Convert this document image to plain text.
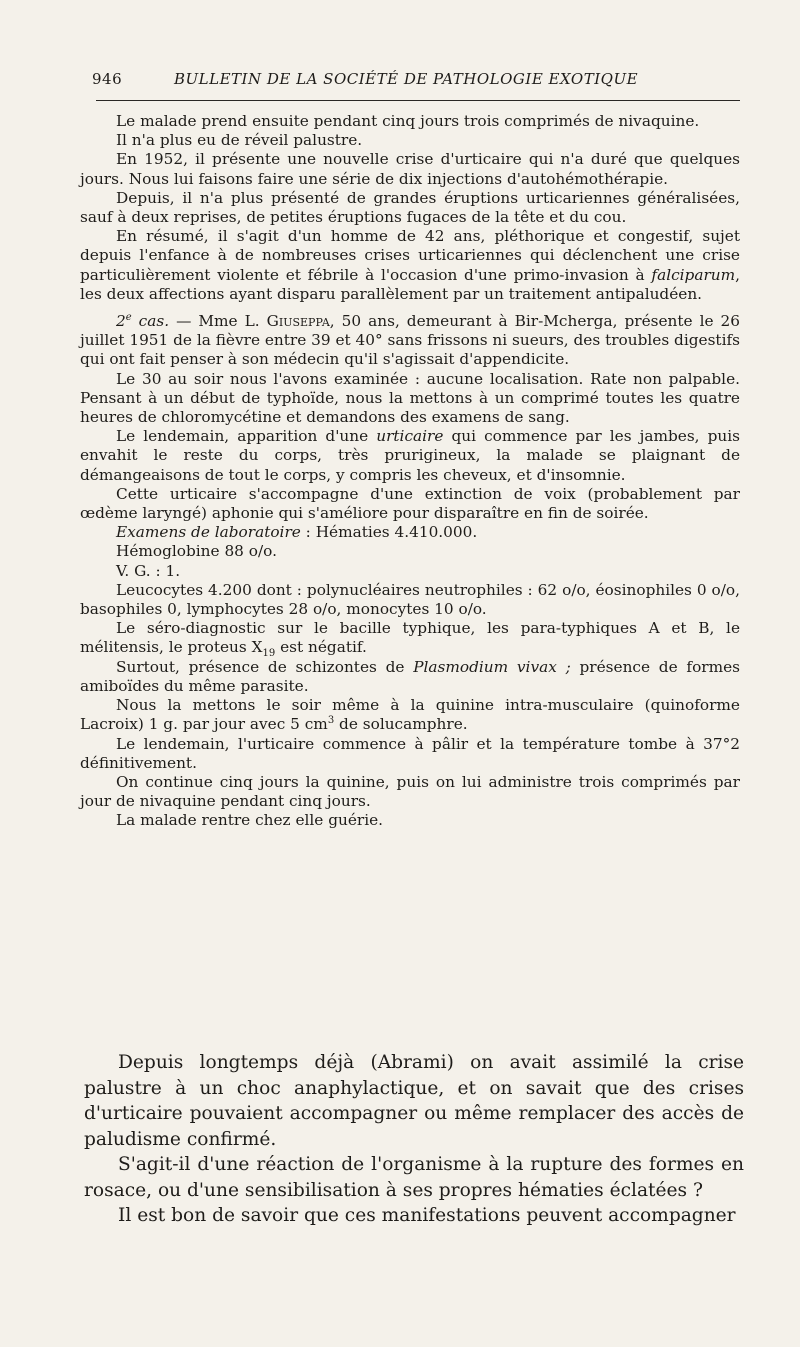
946	BULLETIN DE LA SOCIÉTÉ DE PATHOLOGIE EXOTIQUE

Le malade prend ensuite pendant cinq jours trois comprimés de nivaquine.

Il n'a plus eu de réveil palustre.

En 1952, il présente une nouvelle crise d'urticaire qui n'a duré que quelques jours. Nous lui faisons faire une série de dix injections d'autohémothérapie.

Depuis, il n'a plus présenté de grandes éruptions urticariennes généralisées, sauf à deux reprises, de petites éruptions fugaces de la tête et du cou.

En résumé, il s'agit d'un homme de 42 ans, pléthorique et congestif, sujet depuis l'enfance à de nombreuses crises urticariennes qui déclenchent une crise particulièrement violente et fébrile à l'occasion d'une primo-invasion à falciparum, les deux affections ayant disparu parallèlement par un traitement antipaludéen.

2e cas. — Mme L. Giuseppa, 50 ans, demeurant à Bir-Mcherga, présente le 26 juillet 1951 de la fièvre entre 39 et 40° sans frissons ni sueurs, des troubles digestifs qui ont fait penser à son médecin qu'il s'agissait d'appendicite.

Le 30 au soir nous l'avons examinée : aucune localisation. Rate non palpable. Pensant à un début de typhoïde, nous la mettons à un comprimé toutes les quatre heures de chloromycétine et demandons des examens de sang.

Le lendemain, apparition d'une urticaire qui commence par les jambes, puis envahit le reste du corps, très prurigineux, la malade se plaignant de démangeaisons de tout le corps, y compris les cheveux, et d'insomnie.

Cette urticaire s'accompagne d'une extinction de voix (probablement par œdème laryngé) aphonie qui s'améliore pour disparaître en fin de soirée.

Examens de laboratoire : Hématies 4.410.000.

Hémoglobine 88 o/o.

V. G. : 1.

Leucocytes 4.200 dont : polynucléaires neutrophiles : 62 o/o, éosinophiles 0 o/o, basophiles 0, lymphocytes 28 o/o, monocytes 10 o/o.

Le séro-diagnostic sur le bacille typhique, les para-typhiques A et B, le mélitensis, le proteus $X_{19}$ est négatif.

Surtout, présence de schizontes de Plasmodium vivax ; présence de formes amiboïdes du même parasite.

Nous la mettons le soir même à la quinine intra-musculaire (quinoforme Lacroix) 1 g. par jour avec 5 $cm^3$ de solucamphre.

Le lendemain, l'urticaire commence à pâlir et la température tombe à 37°2 définitivement.

On continue cinq jours la quinine, puis on lui administre trois comprimés par jour de nivaquine pendant cinq jours.

La malade rentre chez elle guérie.

Depuis longtemps déjà (Abrami) on avait assimilé la crise palustre à un choc anaphylactique, et on savait que des crises d'urticaire pouvaient accompagner ou même remplacer des accès de paludisme confirmé.

S'agit-il d'une réaction de l'organisme à la rupture des formes en rosace, ou d'une sensibilisation à ses propres hématies éclatées ?

Il est bon de savoir que ces manifestations peuvent accompagner
